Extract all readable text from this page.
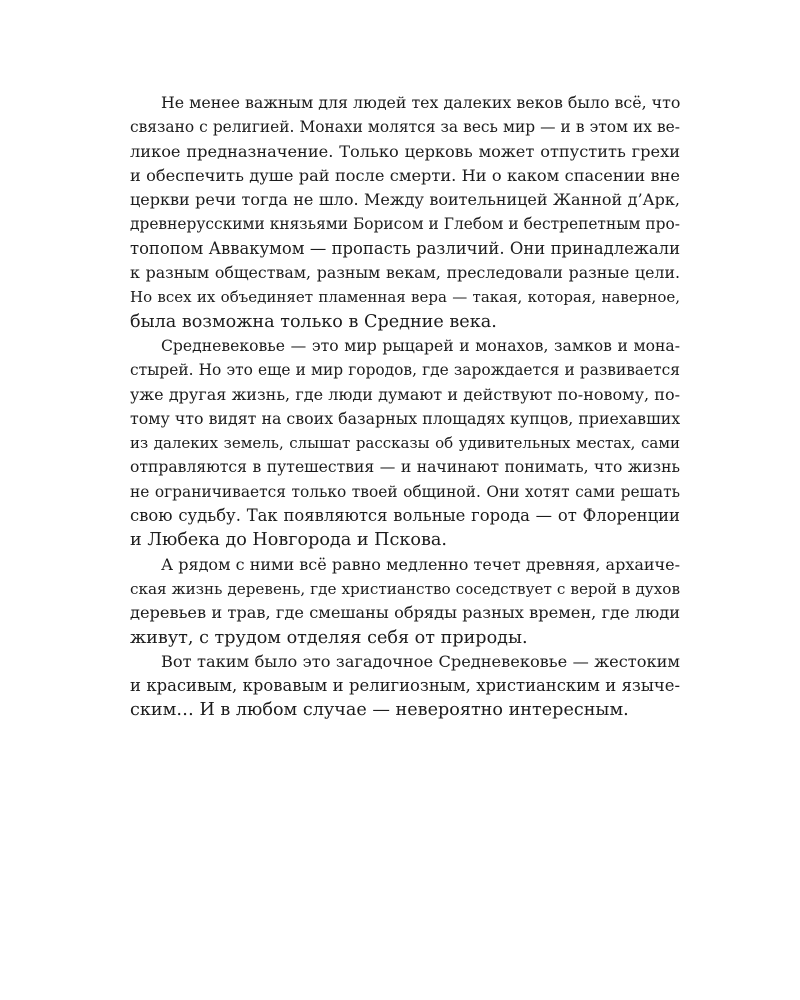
Не менее важным для людей тех далеких веков было всё, что
связано с религией. Монахи молятся за весь мир — и в этом их ве-
ликое предназначение. Только церковь может отпустить грехи
и обеспечить душе рай после смерти. Ни о каком спасении вне
церкви речи тогда не шло. Между воительницей Жанной д’Арк,
древнерусскими князьями Борисом и Глебом и бестрепетным про-
топопом Аввакумом — пропасть различий. Они принадлежали
к разным обществам, разным векам, преследовали разные цели.
Но всех их объединяет пламенная вера — такая, которая, наверное,
была возможна только в Средние века.
Средневековье — это мир рыцарей и монахов, замков и мона-
стырей. Но это еще и мир городов, где зарождается и развивается
уже другая жизнь, где люди думают и действуют по-новому, по-
тому что видят на своих базарных площадях купцов, приехавших
из далеких земель, слышат рассказы об удивительных местах, сами
отправляются в путешествия — и начинают понимать, что жизнь
не ограничивается только твоей общиной. Они хотят сами решать
свою судьбу. Так появляются вольные города — от Флоренции
и Любека до Новгорода и Пскова.
А рядом с ними всё равно медленно течет древняя, архаиче-
ская жизнь деревень, где христианство соседствует с верой в духов
деревьев и трав, где смешаны обряды разных времен, где люди
живут, с трудом отделяя себя от природы.
Вот таким было это загадочное Средневековье — жестоким
и красивым, кровавым и религиозным, христианским и языче-
ским… И в любом случае — невероятно интересным.
